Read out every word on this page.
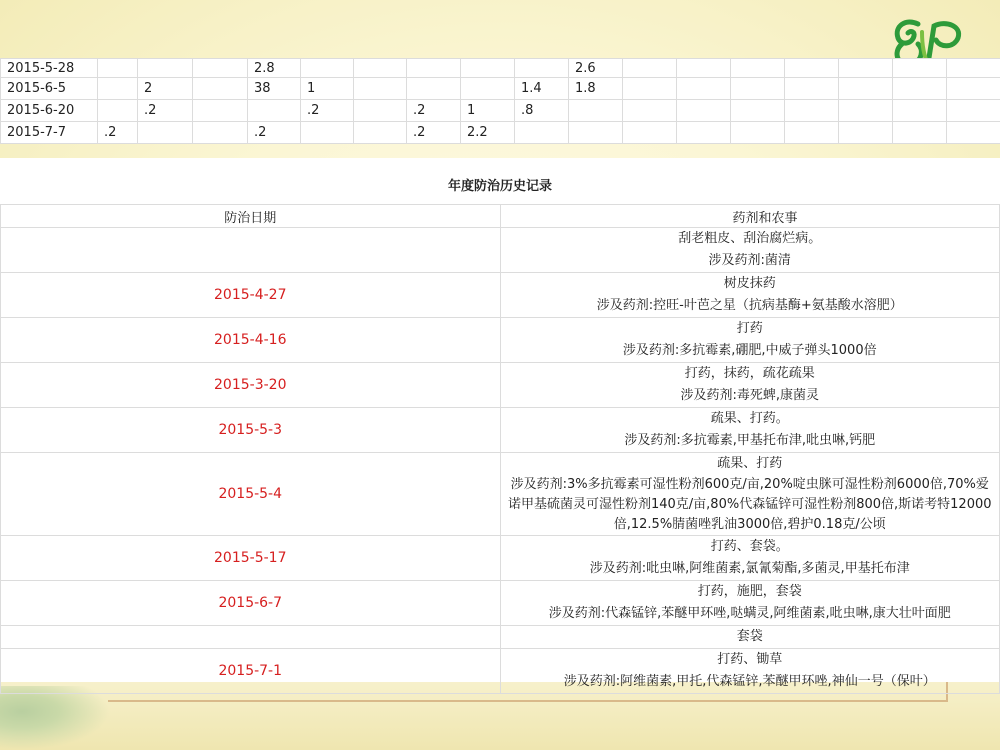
2015-5-28				2.8						2.6							
2015-6-5		2		38	1				1.4	1.8							
2015-6-20		.2			.2		.2	1	.8								
2015-7-7	.2			.2			.2	2.2									
年度防治历史记录
防治日期	药剂和农事

	刮老粗皮、刮治腐烂病。
涉及药剂:菌清

2015-4-27	树皮抹药
涉及药剂:控旺-叶芭之星（抗病基酶+氨基酸水溶肥）

2015-4-16	打药
涉及药剂:多抗霉素,硼肥,中威子弹头1000倍

2015-3-20	打药，抹药，疏花疏果
涉及药剂:毒死蜱,康菌灵

2015-5-3	疏果、打药。
涉及药剂:多抗霉素,甲基托布津,吡虫啉,钙肥

2015-5-4	疏果、打药
涉及药剂:3%多抗霉素可湿性粉剂600克/亩,20%啶虫脒可湿性粉剂6000倍,70%爱诺甲基硫菌灵可湿性粉剂140克/亩,80%代森锰锌可湿性粉剂800倍,斯诺考特12000倍,12.5%腈菌唑乳油3000倍,碧护0.18克/公顷

2015-5-17	打药、套袋。
涉及药剂:吡虫啉,阿维菌素,氯氰菊酯,多菌灵,甲基托布津

2015-6-7	打药，施肥，套袋
涉及药剂:代森锰锌,苯醚甲环唑,哒螨灵,阿维菌素,吡虫啉,康大壮叶面肥

	套袋

2015-7-1	打药、锄草
涉及药剂:阿维菌素,甲托,代森锰锌,苯醚甲环唑,神仙一号（保叶）
